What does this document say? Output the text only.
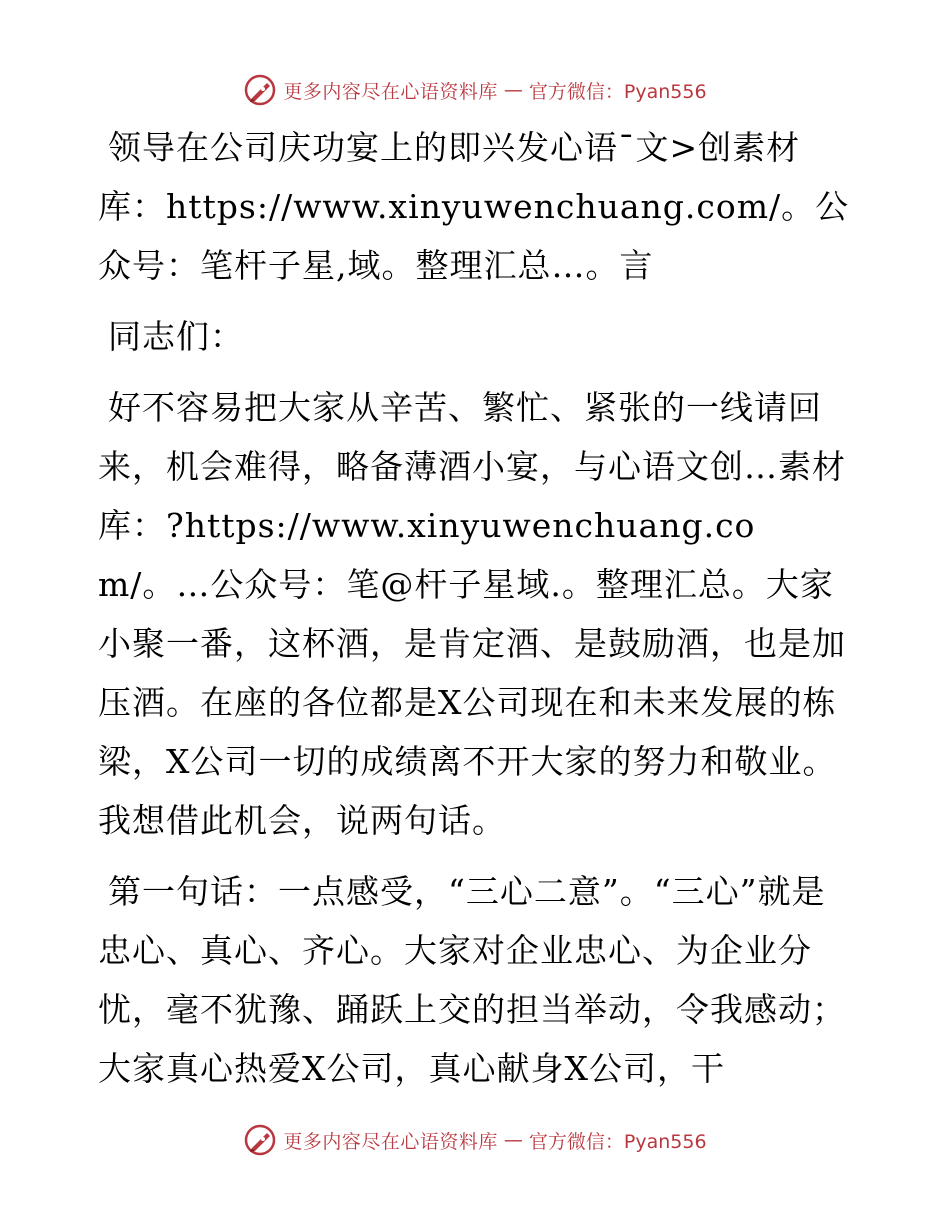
更多内容尽在心语资料库 — 官方微信：Pyan556

领导在公司庆功宴上的即兴发心语¯文>创素材库：https://www.xinyuwenchuang.com/。公众号：笔杆子星,域。整理汇总…。言

同志们：

好不容易把大家从辛苦、繁忙、紧张的一线请回来，机会难得，略备薄酒小宴，与心语文创…素材库：?https://www.xinyuwenchuang.com/。…公众号：笔@杆子星域.。整理汇总。大家小聚一番，这杯酒，是肯定酒、是鼓励酒，也是加压酒。在座的各位都是X公司现在和未来发展的栋梁，X公司一切的成绩离不开大家的努力和敬业。我想借此机会，说两句话。

第一句话：一点感受，“三心二意”。“三心”就是忠心、真心、齐心。大家对企业忠心、为企业分忧，毫不犹豫、踊跃上交的担当举动，令我感动；大家真心热爱X公司，真心献身X公司，干

更多内容尽在心语资料库 — 官方微信：Pyan556
